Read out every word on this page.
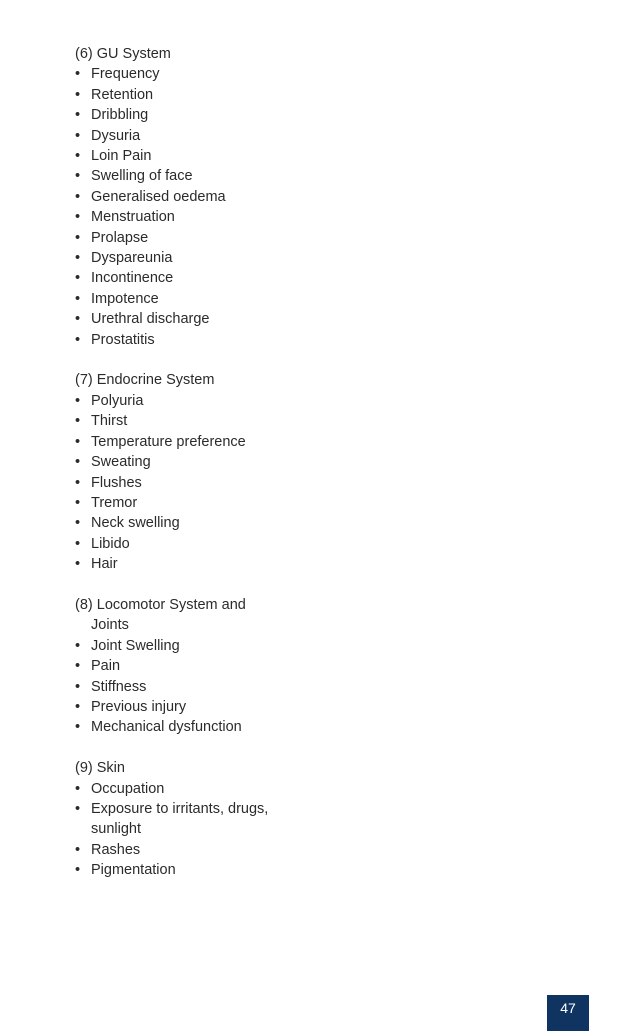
(6) GU System

• Frequency
• Retention
• Dribbling
• Dysuria
• Loin Pain
• Swelling of face
• Generalised oedema
• Menstruation
• Prolapse
• Dyspareunia
• Incontinence
• Impotence
• Urethral discharge
• Prostatitis

(7) Endocrine System

• Polyuria
• Thirst
• Temperature preference
• Sweating
• Flushes
• Tremor
• Neck swelling
• Libido
• Hair

(8) Locomotor System and
Joints

• Joint Swelling
• Pain
• Stiffness
• Previous injury
• Mechanical dysfunction

(9) Skin

• Occupation
• Exposure to irritants, drugs,
sunlight
• Rashes
• Pigmentation
47
